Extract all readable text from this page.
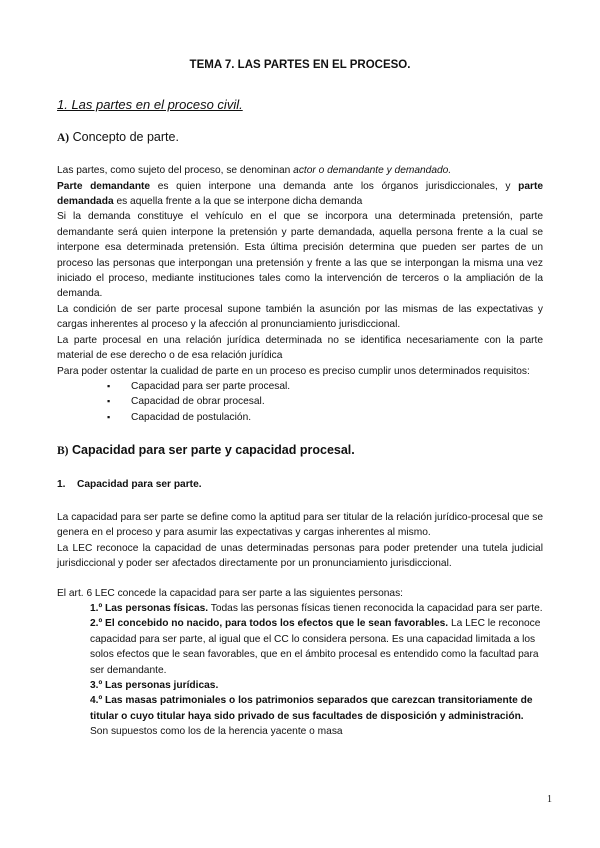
TEMA 7. LAS PARTES EN EL PROCESO.
1. Las partes en el proceso civil.
A) Concepto de parte.

Las partes, como sujeto del proceso, se denominan actor o demandante y demandado.

Parte demandante es quien interpone una demanda ante los órganos jurisdiccionales, y parte demandada es aquella frente a la que se interpone dicha demanda

Si la demanda constituye el vehículo en el que se incorpora una determinada pretensión, parte demandante será quien interpone la pretensión y parte demandada, aquella persona frente a la cual se interpone esa determinada pretensión. Esta última precisión determina que pueden ser partes de un proceso las personas que interpongan una pretensión y frente a las que se interpongan la misma una vez iniciado el proceso, mediante instituciones tales como la intervención de terceros o la ampliación de la demanda.

La condición de ser parte procesal supone también la asunción por las mismas de las expectativas y cargas inherentes al proceso y la afección al pronunciamiento jurisdiccional.

La parte procesal en una relación jurídica determinada no se identifica necesariamente con la parte material de ese derecho o de esa relación jurídica

Para poder ostentar la cualidad de parte en un proceso es preciso cumplir unos determinados requisitos:

▪ Capacidad para ser parte procesal.
▪ Capacidad de obrar procesal.
▪ Capacidad de postulación.
B) Capacidad para ser parte y capacidad procesal.
1. Capacidad para ser parte.

La capacidad para ser parte se define como la aptitud para ser titular de la relación jurídico-procesal que se genera en el proceso y para asumir las expectativas y cargas inherentes al mismo.

La LEC reconoce la capacidad de unas determinadas personas para poder pretender una tutela judicial jurisdiccional y poder ser afectados directamente por un pronunciamiento jurisdiccional.

El art. 6 LEC concede la capacidad para ser parte a las siguientes personas:

1.º Las personas físicas. Todas las personas físicas tienen reconocida la capacidad para ser parte.

2.º El concebido no nacido, para todos los efectos que le sean favorables. La LEC le reconoce capacidad para ser parte, al igual que el CC lo considera persona. Es una capacidad limitada a los solos efectos que le sean favorables, que en el ámbito procesal es entendido como la facultad para ser demandante.

3.º Las personas jurídicas.

4.º Las masas patrimoniales o los patrimonios separados que carezcan transitoriamente de titular o cuyo titular haya sido privado de sus facultades de disposición y administración. Son supuestos como los de la herencia yacente o masa

1
